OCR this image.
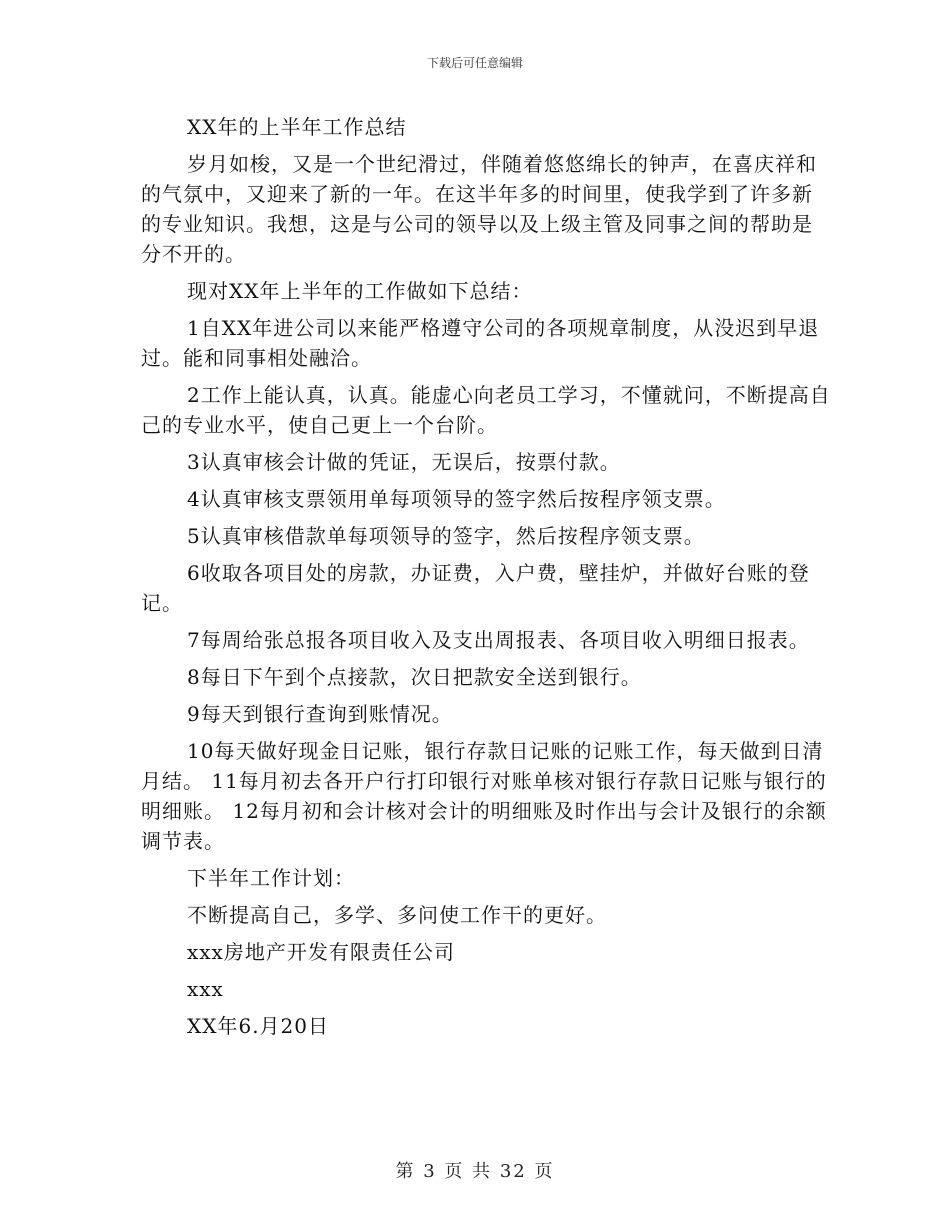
下载后可任意编辑

XX年的上半年工作总结

岁月如梭，又是一个世纪滑过，伴随着悠悠绵长的钟声，在喜庆祥和的气氛中，又迎来了新的一年。在这半年多的时间里，使我学到了许多新的专业知识。我想，这是与公司的领导以及上级主管及同事之间的帮助是分不开的。

现对XX年上半年的工作做如下总结：

1自XX年进公司以来能严格遵守公司的各项规章制度，从没迟到早退过。能和同事相处融洽。

2工作上能认真，认真。能虚心向老员工学习，不懂就问，不断提高自己的专业水平，使自己更上一个台阶。

3认真审核会计做的凭证，无误后，按票付款。

4认真审核支票领用单每项领导的签字然后按程序领支票。

5认真审核借款单每项领导的签字，然后按程序领支票。

6收取各项目处的房款，办证费，入户费，壁挂炉，并做好台账的登记。

7每周给张总报各项目收入及支出周报表、各项目收入明细日报表。

8每日下午到个点接款，次日把款安全送到银行。

9每天到银行查询到账情况。

10每天做好现金日记账，银行存款日记账的记账工作，每天做到日清月结。 11每月初去各开户行打印银行对账单核对银行存款日记账与银行的明细账。 12每月初和会计核对会计的明细账及时作出与会计及银行的余额调节表。

下半年工作计划：

不断提高自己，多学、多问使工作干的更好。

xxx房地产开发有限责任公司

xxx

XX年6.月20日

第 3 页 共 32 页
